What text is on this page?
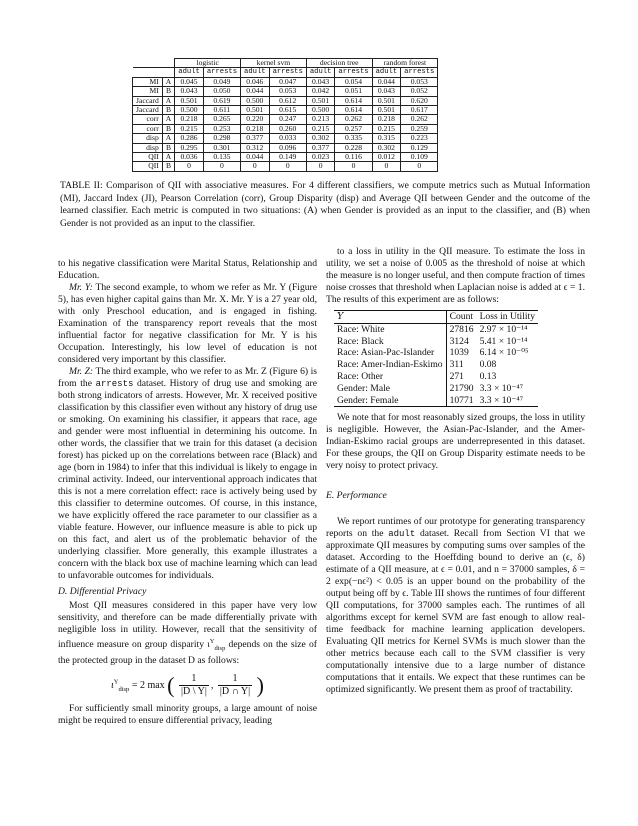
		logistic		kernel svm		decision tree		random forest	
		adult	arrests	adult	arrests	adult	arrests	adult	arrests
MI	A	0.045	0.049	0.046	0.047	0.043	0.054	0.044	0.053
MI	B	0.043	0.050	0.044	0.053	0.042	0.051	0.043	0.052
Jaccard	A	0.501	0.619	0.500	0.612	0.501	0.614	0.501	0.620
Jaccard	B	0.500	0.611	0.501	0.615	0.500	0.614	0.501	0.617
corr	A	0.218	0.265	0.220	0.247	0.213	0.262	0.218	0.262
corr	B	0.215	0.253	0.218	0.260	0.215	0.257	0.215	0.259
disp	A	0.286	0.298	0.377	0.033	0.302	0.335	0.315	0.223
disp	B	0.295	0.301	0.312	0.096	0.377	0.228	0.302	0.129
QII	A	0.036	0.135	0.044	0.149	0.023	0.116	0.012	0.109
QII	B	0	0	0	0	0	0	0	0
TABLE II: Comparison of QII with associative measures. For 4 different classifiers, we compute metrics such as Mutual Information (MI), Jaccard Index (JI), Pearson Correlation (corr), Group Disparity (disp) and Average QII between Gender and the outcome of the learned classifier. Each metric is computed in two situations: (A) when Gender is provided as an input to the classifier, and (B) when Gender is not provided as an input to the classifier.

to his negative classification were Marital Status, Relationship and Education.

Mr. Y: The second example, to whom we refer as Mr. Y (Figure 5), has even higher capital gains than Mr. X. Mr. Y is a 27 year old, with only Preschool education, and is engaged in fishing. Examination of the transparency report reveals that the most influential factor for negative classification for Mr. Y is his Occupation. Interestingly, his low level of education is not considered very important by this classifier.

Mr. Z: The third example, who we refer to as Mr. Z (Figure 6) is from the arrests dataset. History of drug use and smoking are both strong indicators of arrests. However, Mr. X received positive classification by this classifier even without any history of drug use or smoking. On examining his classifier, it appears that race, age and gender were most influential in determining his outcome. In other words, the classifier that we train for this dataset (a decision forest) has picked up on the correlations between race (Black) and age (born in 1984) to infer that this individual is likely to engage in criminal activity. Indeed, our interventional approach indicates that this is not a mere correlation effect: race is actively being used by this classifier to determine outcomes. Of course, in this instance, we have explicitly offered the race parameter to our classifier as a viable feature. However, our influence measure is able to pick up on this fact, and alert us of the problematic behavior of the underlying classifier. More generally, this example illustrates a concern with the black box use of machine learning which can lead to unfavorable outcomes for individuals.

D. Differential Privacy

Most QII measures considered in this paper have very low sensitivity, and therefore can be made differentially private with negligible loss in utility. However, recall that the sensitivity of influence measure on group disparity $\iota^Y_{disp}$ depends on the size of the protected group in the dataset D as follows:

$\iota^Y_{disp} = 2$ max ( $\frac{1}{|D \backslash Y|}$ , $\frac{1}{|D \cap Y|}$ )

For sufficiently small minority groups, a large amount of noise might be required to ensure differential privacy, leading

to a loss in utility in the QII measure. To estimate the loss in utility, we set a noise of 0.005 as the threshold of noise at which the measure is no longer useful, and then compute fraction of times noise crosses that threshold when Laplacian noise is added at ϵ = 1. The results of this experiment are as follows:

Y	Count	Loss in Utility
Race: White	27816	2.97 × 10⁻¹⁴
Race: Black	3124	5.41 × 10⁻¹⁴
Race: Asian-Pac-Islander	1039	6.14 × 10⁻⁰⁵
Race: Amer-Indian-Eskimo	311	0.08
Race: Other	271	0.13
Gender: Male	21790	3.3 × 10⁻⁴⁷
Gender: Female	10771	3.3 × 10⁻⁴⁷

We note that for most reasonably sized groups, the loss in utility is negligible. However, the Asian-Pac-Islander, and the Amer-Indian-Eskimo racial groups are underrepresented in this dataset. For these groups, the QII on Group Disparity estimate needs to be very noisy to protect privacy.

E. Performance

We report runtimes of our prototype for generating transparency reports on the adult dataset. Recall from Section VI that we approximate QII measures by computing sums over samples of the dataset. According to the Hoeffding bound to derive an (ϵ, δ) estimate of a QII measure, at ϵ = 0.01, and n = 37000 samples, δ = 2 exp(−nϵ²) < 0.05 is an upper bound on the probability of the output being off by ϵ. Table III shows the runtimes of four different QII computations, for 37000 samples each. The runtimes of all algorithms except for kernel SVM are fast enough to allow real-time feedback for machine learning application developers. Evaluating QII metrics for Kernel SVMs is much slower than the other metrics because each call to the SVM classifier is very computationally intensive due to a large number of distance computations that it entails. We expect that these runtimes can be optimized significantly. We present them as proof of tractability.
